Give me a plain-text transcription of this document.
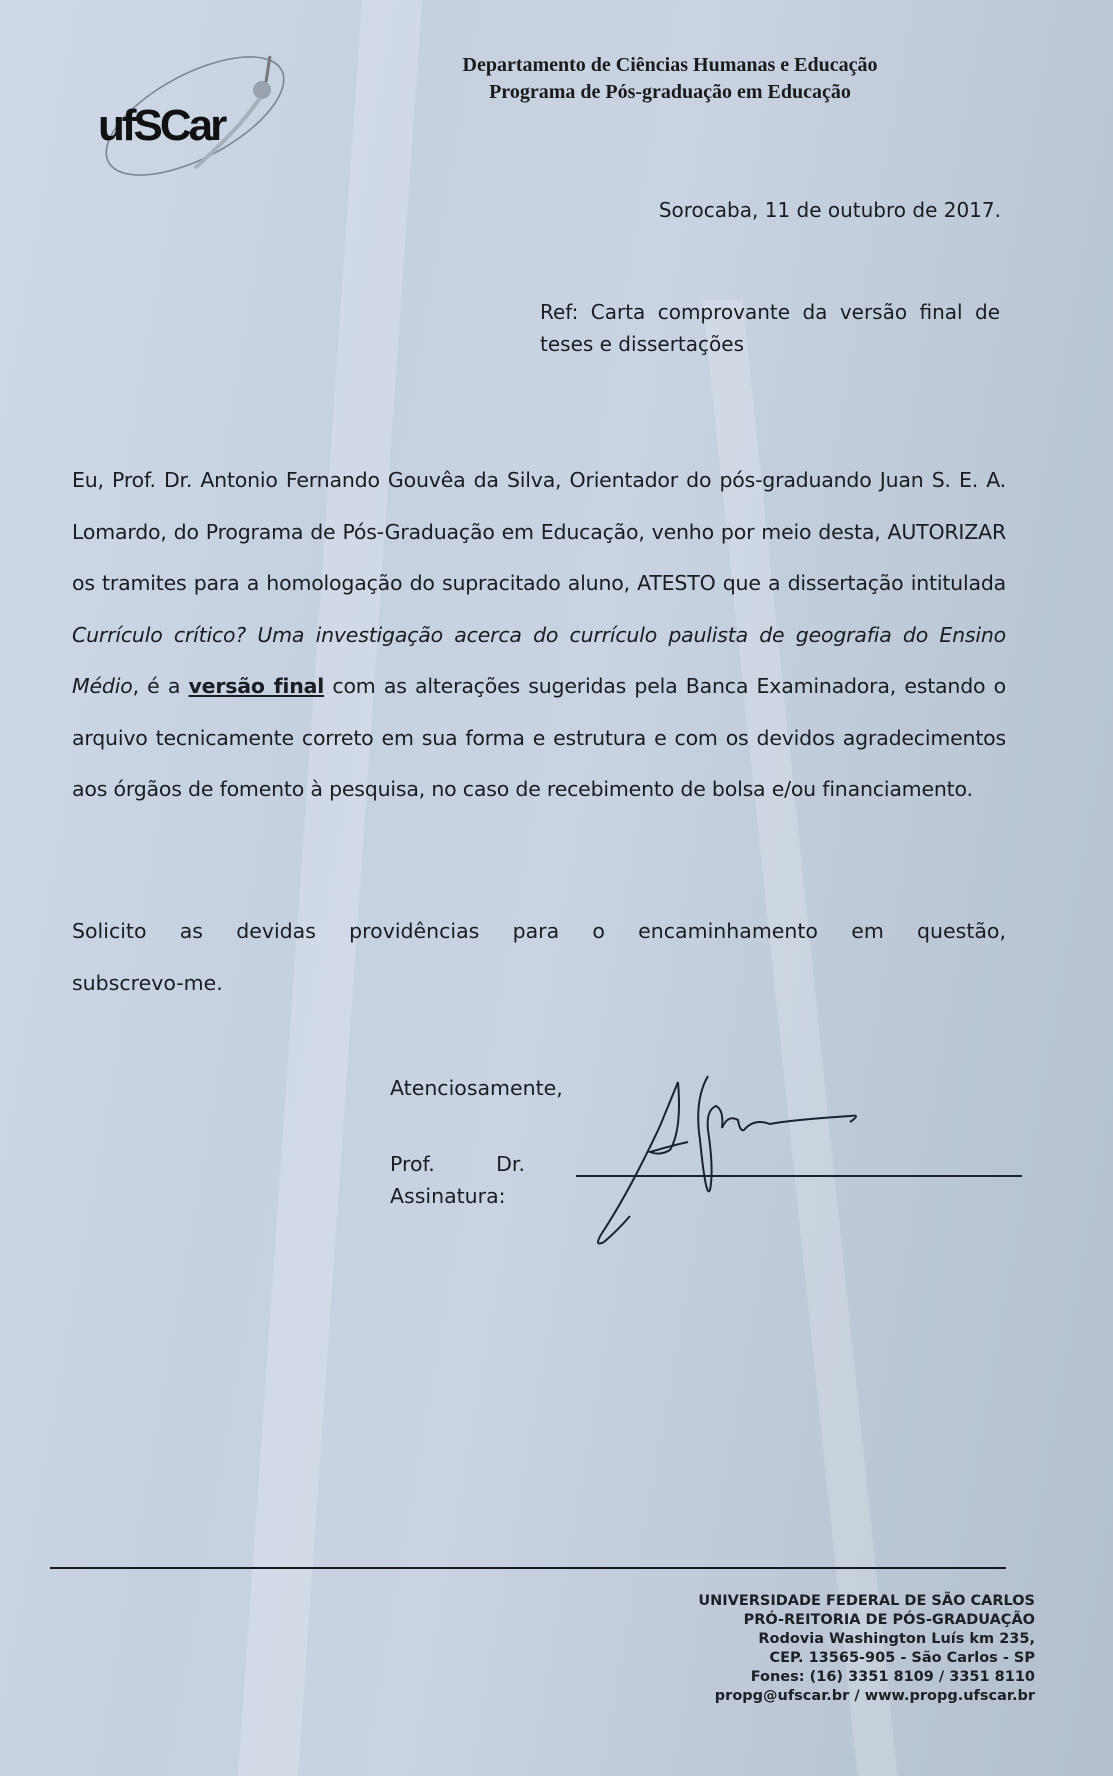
ufSCar
Departamento de Ciências Humanas e Educação
Programa de Pós-graduação em Educação
Sorocaba, 11 de outubro de 2017.
Ref: Carta comprovante da versão final de teses e dissertações
Eu, Prof. Dr. Antonio Fernando Gouvêa da Silva, Orientador do pós-graduando Juan S. E. A. Lomardo, do Programa de Pós-Graduação em Educação, venho por meio desta, AUTORIZAR os tramites para a homologação do supracitado aluno, ATESTO que a dissertação intitulada Currículo crítico? Uma investigação acerca do currículo paulista de geografia do Ensino Médio, é a versão final com as alterações sugeridas pela Banca Examinadora, estando o arquivo tecnicamente correto em sua forma e estrutura e com os devidos agradecimentos aos órgãos de fomento à pesquisa, no caso de recebimento de bolsa e/ou financiamento.
Solicito as devidas providências para o encaminhamento em questão,
subscrevo-me.
Atenciosamente,
Prof.	Dr.
Assinatura:
UNIVERSIDADE FEDERAL DE SÃO CARLOS
PRÓ-REITORIA DE PÓS-GRADUAÇÃO
Rodovia Washington Luís km 235,
CEP. 13565-905 - São Carlos - SP
Fones: (16) 3351 8109 / 3351 8110
propg@ufscar.br / www.propg.ufscar.br
